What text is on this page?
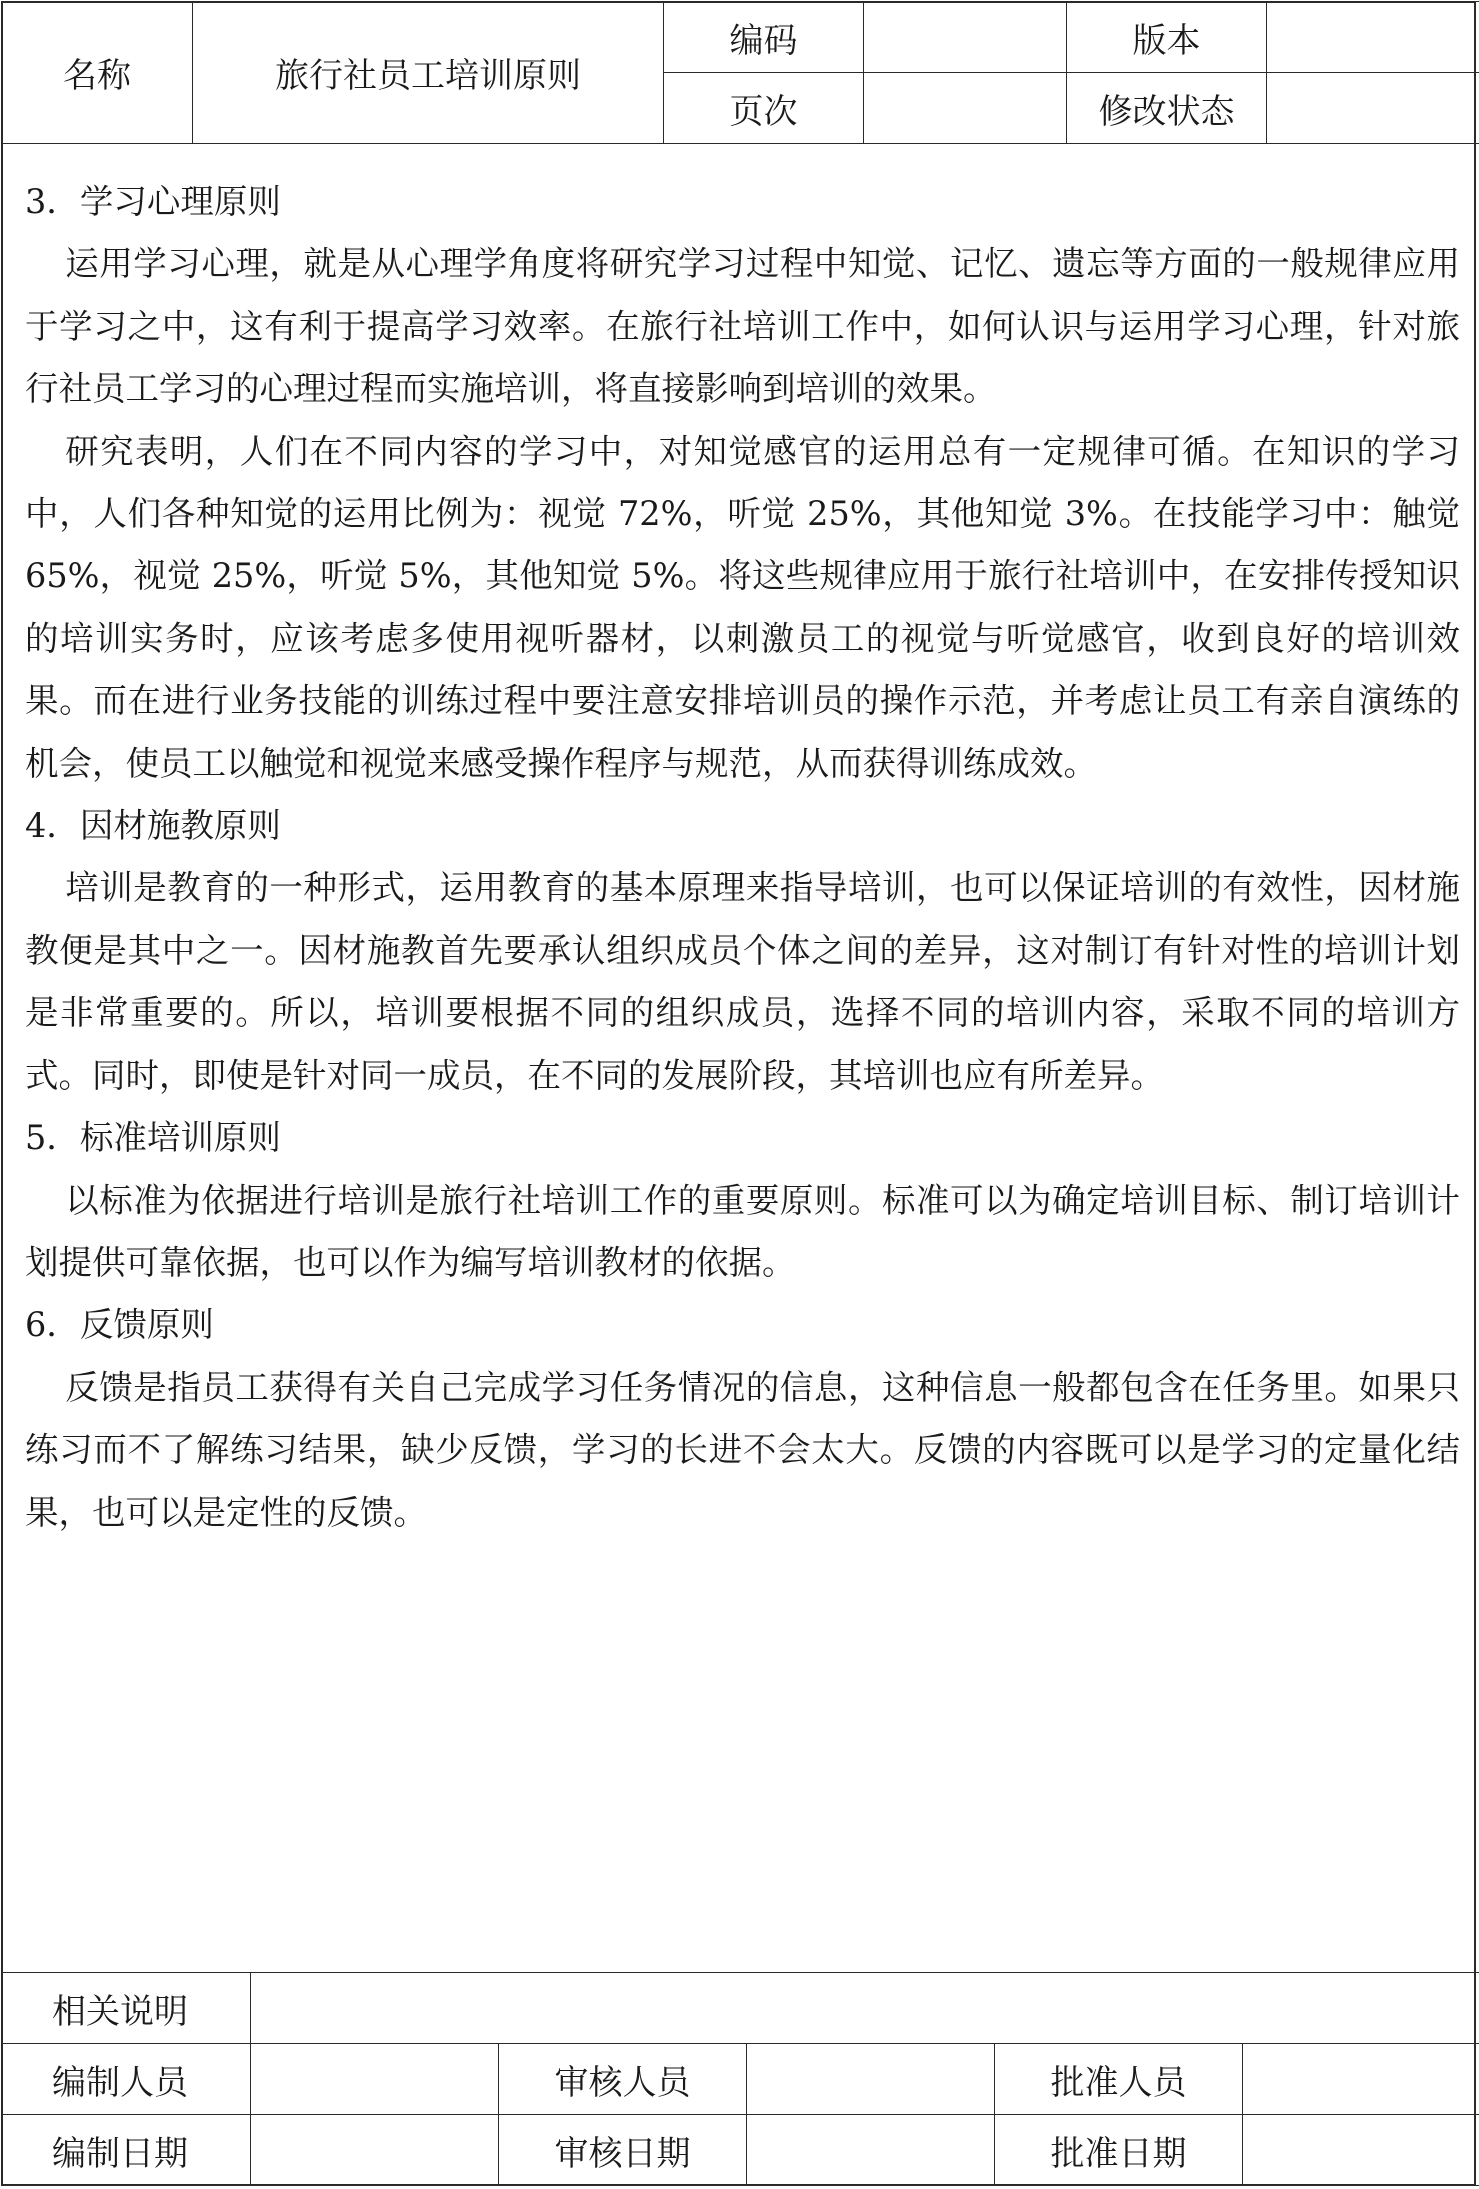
名称	旅行社员工培训原则	编码		版本	
		页次		修改状态	

3．学习心理原则

运用学习心理，就是从心理学角度将研究学习过程中知觉、记忆、遗忘等方面的一般规律应用于学习之中，这有利于提高学习效率。在旅行社培训工作中，如何认识与运用学习心理，针对旅行社员工学习的心理过程而实施培训，将直接影响到培训的效果。

研究表明，人们在不同内容的学习中，对知觉感官的运用总有一定规律可循。在知识的学习中，人们各种知觉的运用比例为：视觉 72%，听觉 25%，其他知觉 3%。在技能学习中：触觉 65%，视觉 25%，听觉 5%，其他知觉 5%。将这些规律应用于旅行社培训中，在安排传授知识的培训实务时，应该考虑多使用视听器材，以刺激员工的视觉与听觉感官，收到良好的培训效果。而在进行业务技能的训练过程中要注意安排培训员的操作示范，并考虑让员工有亲自演练的机会，使员工以触觉和视觉来感受操作程序与规范，从而获得训练成效。

4．因材施教原则

培训是教育的一种形式，运用教育的基本原理来指导培训，也可以保证培训的有效性，因材施教便是其中之一。因材施教首先要承认组织成员个体之间的差异，这对制订有针对性的培训计划是非常重要的。所以，培训要根据不同的组织成员，选择不同的培训内容，采取不同的培训方式。同时，即使是针对同一成员，在不同的发展阶段，其培训也应有所差异。

5．标准培训原则

以标准为依据进行培训是旅行社培训工作的重要原则。标准可以为确定培训目标、制订培训计划提供可靠依据，也可以作为编写培训教材的依据。

6．反馈原则

反馈是指员工获得有关自己完成学习任务情况的信息，这种信息一般都包含在任务里。如果只练习而不了解练习结果，缺少反馈，学习的长进不会太大。反馈的内容既可以是学习的定量化结果，也可以是定性的反馈。

相关说明					
编制人员		审核人员		批准人员	
编制日期		审核日期		批准日期	
